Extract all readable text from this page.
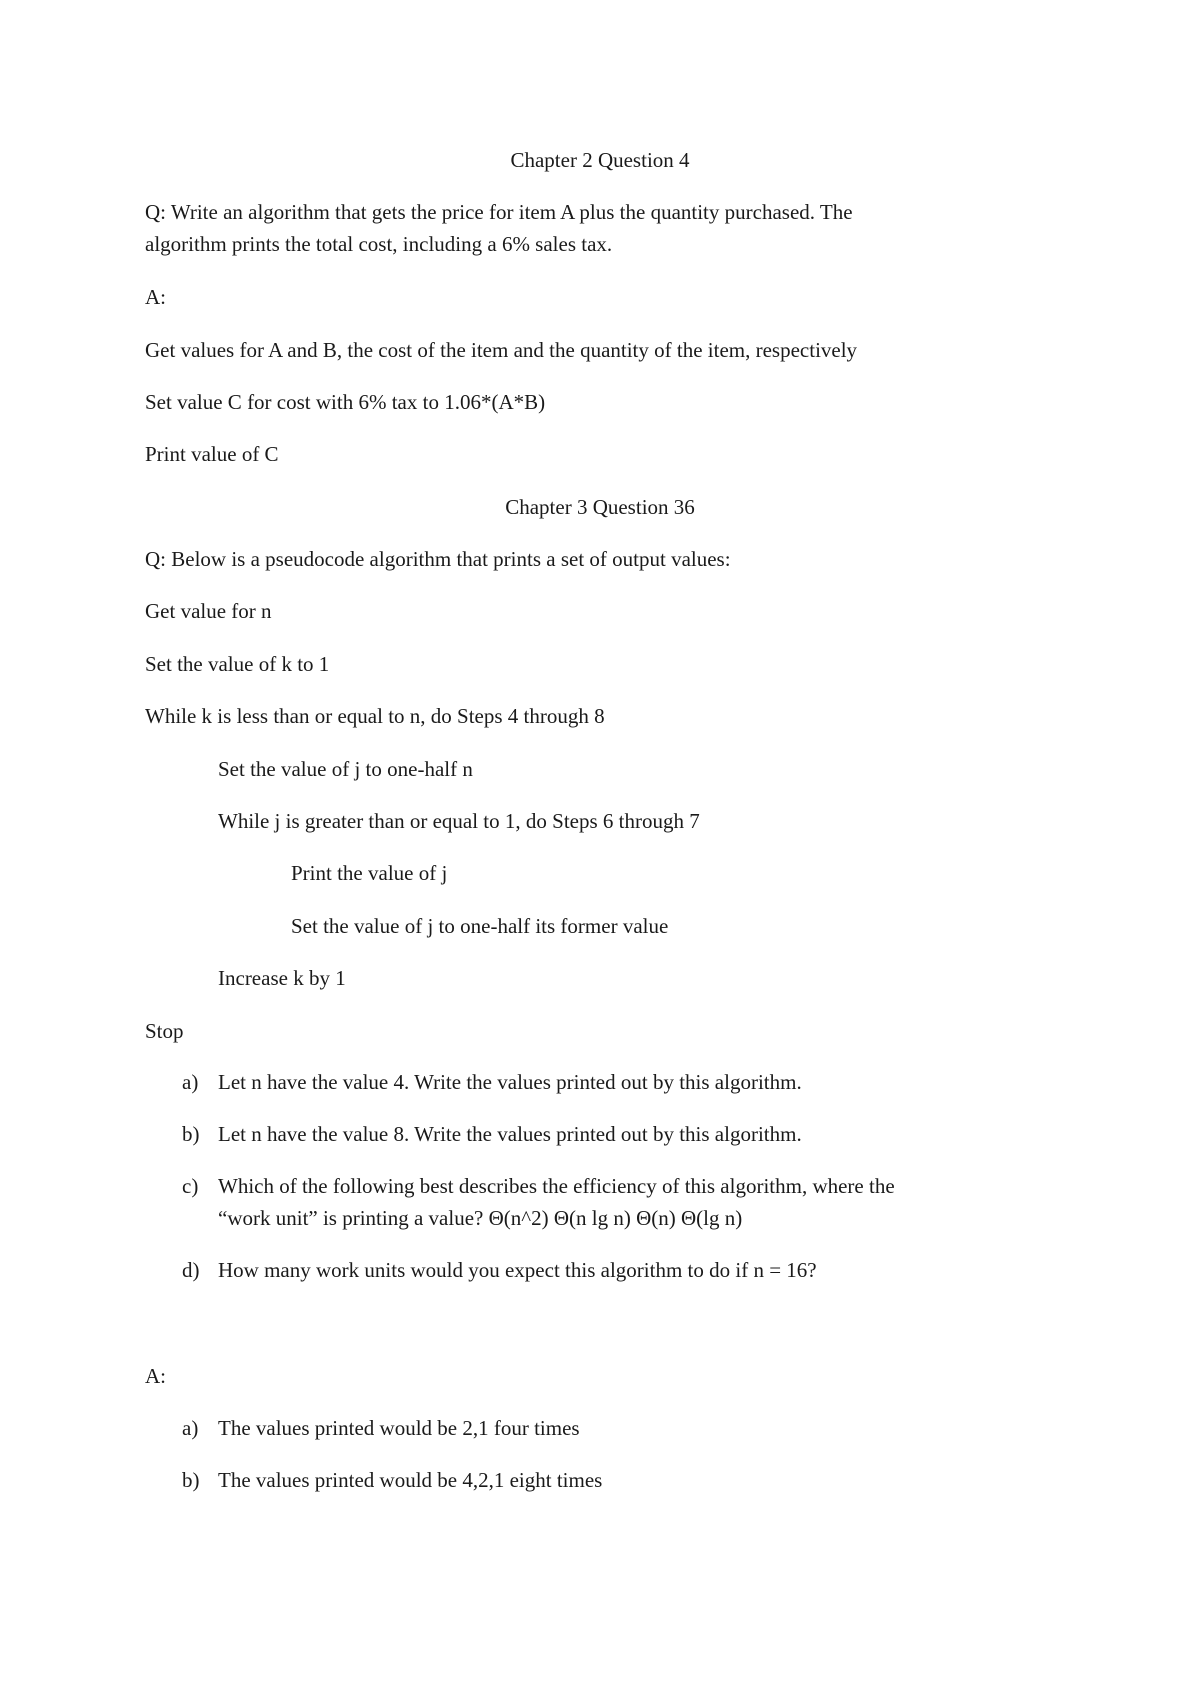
Chapter 2 Question 4
Q: Write an algorithm that gets the price for item A plus the quantity purchased. The
algorithm prints the total cost, including a 6% sales tax.
A:
Get values for A and B, the cost of the item and the quantity of the item, respectively
Set value C for cost with 6% tax to 1.06*(A*B)
Print value of C
Chapter 3 Question 36
Q: Below is a pseudocode algorithm that prints a set of output values:
Get value for n
Set the value of k to 1
While k is less than or equal to n, do Steps 4 through 8
Set the value of j to one-half n
While j is greater than or equal to 1, do Steps 6 through 7
Print the value of j
Set the value of j to one-half its former value
Increase k by 1
Stop
a) Let n have the value 4. Write the values printed out by this algorithm.
b) Let n have the value 8. Write the values printed out by this algorithm.
c) Which of the following best describes the efficiency of this algorithm, where the
“work unit” is printing a value? Θ(n^2) Θ(n lg n) Θ(n) Θ(lg n)
d) How many work units would you expect this algorithm to do if n = 16?
A:
a) The values printed would be 2,1 four times
b) The values printed would be 4,2,1 eight times
